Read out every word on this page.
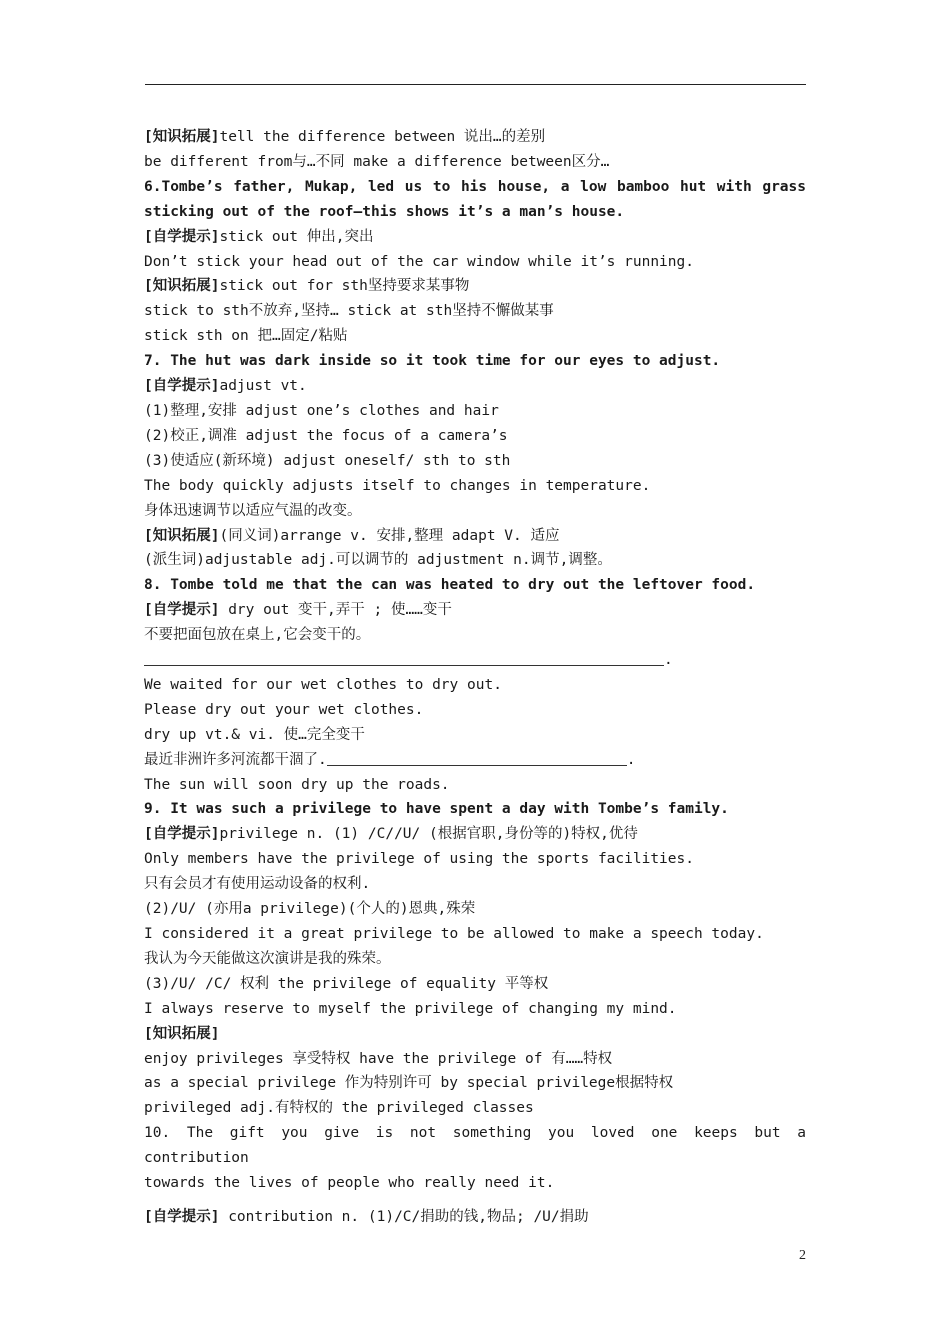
[知识拓展]tell the difference between 说出…的差别
be different from与…不同 make a difference between区分…
6.Tombe’s father, Mukap, led us to his house, a low bamboo hut with grass
sticking out of the roof—this shows it’s a man’s house.
[自学提示]stick out 伸出,突出
Don’t stick your head out of the car window while it’s running.
[知识拓展]stick out for sth坚持要求某事物
stick to sth不放弃,坚持… stick at sth坚持不懈做某事
stick sth on 把…固定/粘贴
7. The hut was dark inside so it took time for our eyes to adjust.
[自学提示]adjust vt.
(1)整理,安排 adjust one’s clothes and hair
(2)校正,调准 adjust the focus of a camera’s
(3)使适应(新环境) adjust oneself/ sth to sth
The body quickly adjusts itself to changes in temperature.
身体迅速调节以适应气温的改变。
[知识拓展](同义词)arrange v. 安排,整理 adapt V. 适应
(派生词)adjustable adj.可以调节的 adjustment n.调节,调整。
8. Tombe told me that the can was heated to dry out the leftover food.
[自学提示] dry out 变干,弄干 ; 使……变干
不要把面包放在桌上,它会变干的。
.
We waited for our wet clothes to dry out.
Please dry out your wet clothes.
dry up vt.& vi. 使…完全变干
最近非洲许多河流都干涸了.	.
The sun will soon dry up the roads.
9. It was such a privilege to have spent a day with Tombe’s family.
[自学提示]privilege n. (1) /C//U/ (根据官职,身份等的)特权,优待
Only members have the privilege of using the sports facilities.
只有会员才有使用运动设备的权利.
(2)/U/ (亦用a privilege)(个人的)恩典,殊荣
I considered it a great privilege to be allowed to make a speech today.
我认为今天能做这次演讲是我的殊荣。
(3)/U/ /C/ 权利 the privilege of equality 平等权
I always reserve to myself the privilege of changing my mind.
[知识拓展]
enjoy privileges 享受特权 have the privilege of 有……特权
as a special privilege 作为特别许可 by special privilege根据特权
privileged adj.有特权的 the privileged classes
10. The gift you give is not something you loved one keeps but a contribution
towards the lives of people who really need it.
[自学提示] contribution n. (1)/C/捐助的钱,物品; /U/捐助
2
